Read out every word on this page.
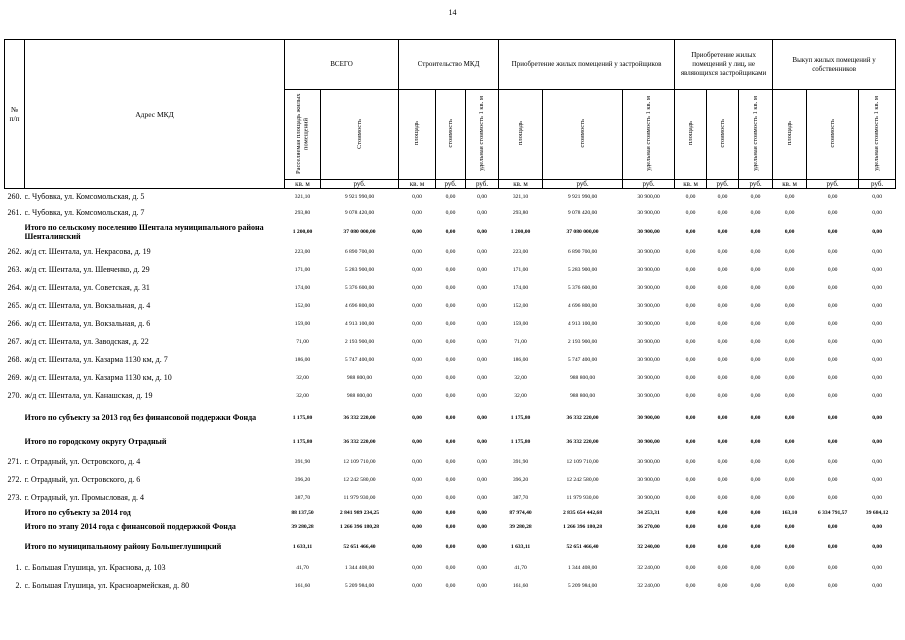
14
№
п/п	Адрес МКД	ВСЕГО		Строительство МКД			Приобретение жилых помещений у застройщиков			Приобретение жилых помещений у лиц, не являющихся застройщиками			Выкуп жилых помещений у собственников		
		Расселяемая площадь жилых помещений	Стоимость	площадь	стоимость	удельная стоимость 1 кв. м	площадь	стоимость	удельная стоимость 1 кв. м	площадь	стоимость	удельная стоимость 1 кв. м	площадь	стоимость	удельная стоимость 1 кв. м
		кв. м	руб.	кв. м	руб.	руб.	кв. м	руб.	руб.	кв. м	руб.	руб.	кв. м	руб.	руб.
260.	с. Чубовка, ул. Комсомольская, д. 5	321,10	9 921 990,00	0,00	0,00	0,00	321,10	9 921 990,00	30 900,00	0,00	0,00	0,00	0,00	0,00	0,00
261.	с. Чубовка, ул. Комсомольская, д. 7	293,80	9 078 420,00	0,00	0,00	0,00	293,80	9 078 420,00	30 900,00	0,00	0,00	0,00	0,00	0,00	0,00
	Итого по сельскому поселению Шентала муниципального района Шенталинский	1 200,00	37 080 000,00	0,00	0,00	0,00	1 200,00	37 080 000,00	30 900,00	0,00	0,00	0,00	0,00	0,00	0,00
262.	ж/д ст. Шентала, ул. Некрасова, д. 19	223,00	6 890 700,00	0,00	0,00	0,00	223,00	6 890 700,00	30 900,00	0,00	0,00	0,00	0,00	0,00	0,00
263.	ж/д ст. Шентала, ул. Шевченко, д. 29	171,00	5 283 900,00	0,00	0,00	0,00	171,00	5 283 900,00	30 900,00	0,00	0,00	0,00	0,00	0,00	0,00
264.	ж/д ст. Шентала, ул. Советская, д. 31	174,00	5 376 600,00	0,00	0,00	0,00	174,00	5 376 600,00	30 900,00	0,00	0,00	0,00	0,00	0,00	0,00
265.	ж/д ст. Шентала, ул. Вокзальная, д. 4	152,00	4 696 800,00	0,00	0,00	0,00	152,00	4 696 800,00	30 900,00	0,00	0,00	0,00	0,00	0,00	0,00
266.	ж/д ст. Шентала, ул. Вокзальная, д. 6	159,00	4 913 100,00	0,00	0,00	0,00	159,00	4 913 100,00	30 900,00	0,00	0,00	0,00	0,00	0,00	0,00
267.	ж/д ст. Шентала, ул. Заводская, д. 22	71,00	2 193 900,00	0,00	0,00	0,00	71,00	2 193 900,00	30 900,00	0,00	0,00	0,00	0,00	0,00	0,00
268.	ж/д ст. Шентала, ул. Казарма 1130 км, д. 7	186,00	5 747 400,00	0,00	0,00	0,00	186,00	5 747 400,00	30 900,00	0,00	0,00	0,00	0,00	0,00	0,00
269.	ж/д ст. Шентала, ул. Казарма 1130 км, д. 10	32,00	988 800,00	0,00	0,00	0,00	32,00	988 800,00	30 900,00	0,00	0,00	0,00	0,00	0,00	0,00
270.	ж/д ст. Шентала, ул. Канашская, д. 19	32,00	988 800,00	0,00	0,00	0,00	32,00	988 800,00	30 900,00	0,00	0,00	0,00	0,00	0,00	0,00
	Итого по субъекту за 2013 год без финансовой поддержки Фонда	1 175,80	36 332 220,00	0,00	0,00	0,00	1 175,80	36 332 220,00	30 900,00	0,00	0,00	0,00	0,00	0,00	0,00
	Итого по городскому округу Отрадный	1 175,80	36 332 220,00	0,00	0,00	0,00	1 175,80	36 332 220,00	30 900,00	0,00	0,00	0,00	0,00	0,00	0,00
271.	г. Отрадный, ул. Островского, д. 4	391,90	12 109 710,00	0,00	0,00	0,00	391,90	12 109 710,00	30 900,00	0,00	0,00	0,00	0,00	0,00	0,00
272.	г. Отрадный, ул. Островского, д. 6	396,20	12 242 580,00	0,00	0,00	0,00	396,20	12 242 580,00	30 900,00	0,00	0,00	0,00	0,00	0,00	0,00
273.	г. Отрадный, ул. Промысловая, д. 4	387,70	11 979 930,00	0,00	0,00	0,00	387,70	11 979 930,00	30 900,00	0,00	0,00	0,00	0,00	0,00	0,00
	Итого по субъекту за 2014 год	88 137,50	2 841 989 234,25	0,00	0,00	0,00	87 974,40	2 835 654 442,68	34 253,31	0,00	0,00	0,00	163,10	6 334 791,57	39 684,12
	Итого по этапу 2014 года с финансовой поддержкой Фонда	39 280,28	1 266 396 180,28	0,00	0,00	0,00	39 280,28	1 266 396 180,28	36 270,00	0,00	0,00	0,00	0,00	0,00	0,00
	Итого по муниципальному району Большеглушицкий	1 633,11	52 651 466,40	0,00	0,00	0,00	1 633,11	52 651 466,40	32 240,00	0,00	0,00	0,00	0,00	0,00	0,00
1.	с. Большая Глушица, ул. Краснова, д. 103	41,70	1 344 408,00	0,00	0,00	0,00	41,70	1 344 408,00	32 240,00	0,00	0,00	0,00	0,00	0,00	0,00
2.	с. Большая Глушица, ул. Красноармейская, д. 80	161,60	5 209 984,00	0,00	0,00	0,00	161,60	5 209 984,00	32 240,00	0,00	0,00	0,00	0,00	0,00	0,00
